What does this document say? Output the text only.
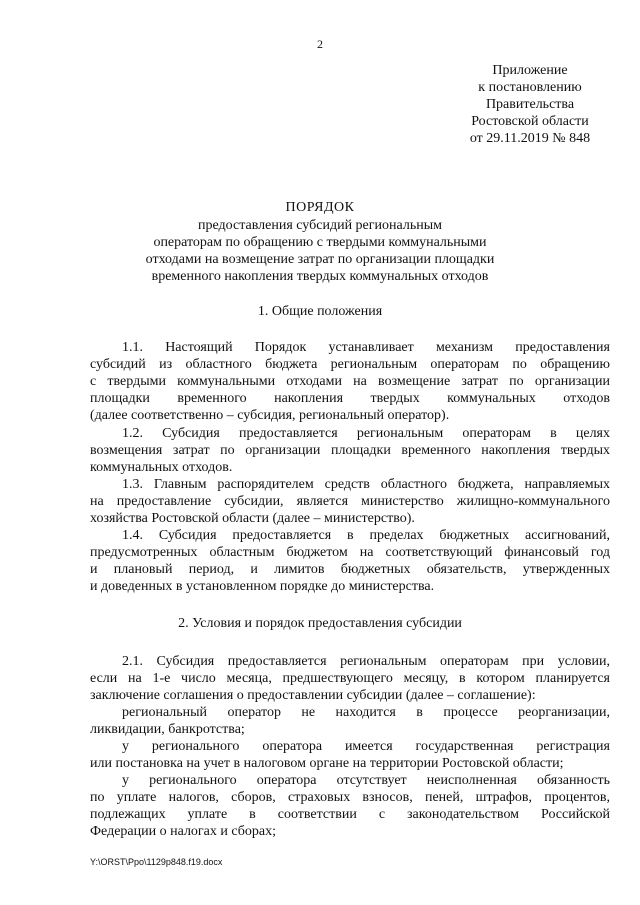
2
Приложение
к постановлению
Правительства
Ростовской области
от 29.11.2019 № 848
ПОРЯДОК
предоставления субсидий региональным
операторам по обращению с твердыми коммунальными
отходами на возмещение затрат по организации площадки
временного накопления твердых коммунальных отходов
1. Общие положения
1.1. Настоящий Порядок устанавливает механизм предоставления
субсидий из областного бюджета региональным операторам по обращению
с твердыми коммунальными отходами на возмещение затрат по организации
площадки временного накопления твердых коммунальных отходов
(далее соответственно – субсидия, региональный оператор).
1.2. Субсидия предоставляется региональным операторам в целях
возмещения затрат по организации площадки временного накопления твердых
коммунальных отходов.
1.3. Главным распорядителем средств областного бюджета, направляемых
на предоставление субсидии, является министерство жилищно-коммунального
хозяйства Ростовской области (далее – министерство).
1.4. Субсидия предоставляется в пределах бюджетных ассигнований,
предусмотренных областным бюджетом на соответствующий финансовый год
и плановый период, и лимитов бюджетных обязательств, утвержденных
и доведенных в установленном порядке до министерства.
2. Условия и порядок предоставления субсидии
2.1. Субсидия предоставляется региональным операторам при условии,
если на 1-е число месяца, предшествующего месяцу, в котором планируется
заключение соглашения о предоставлении субсидии (далее – соглашение):
региональный оператор не находится в процессе реорганизации,
ликвидации, банкротства;
у регионального оператора имеется государственная регистрация
или постановка на учет в налоговом органе на территории Ростовской области;
у регионального оператора отсутствует неисполненная обязанность
по уплате налогов, сборов, страховых взносов, пеней, штрафов, процентов,
подлежащих уплате в соответствии с законодательством Российской
Федерации о налогах и сборах;
Y:\ORST\Ppo\1129p848.f19.docx
